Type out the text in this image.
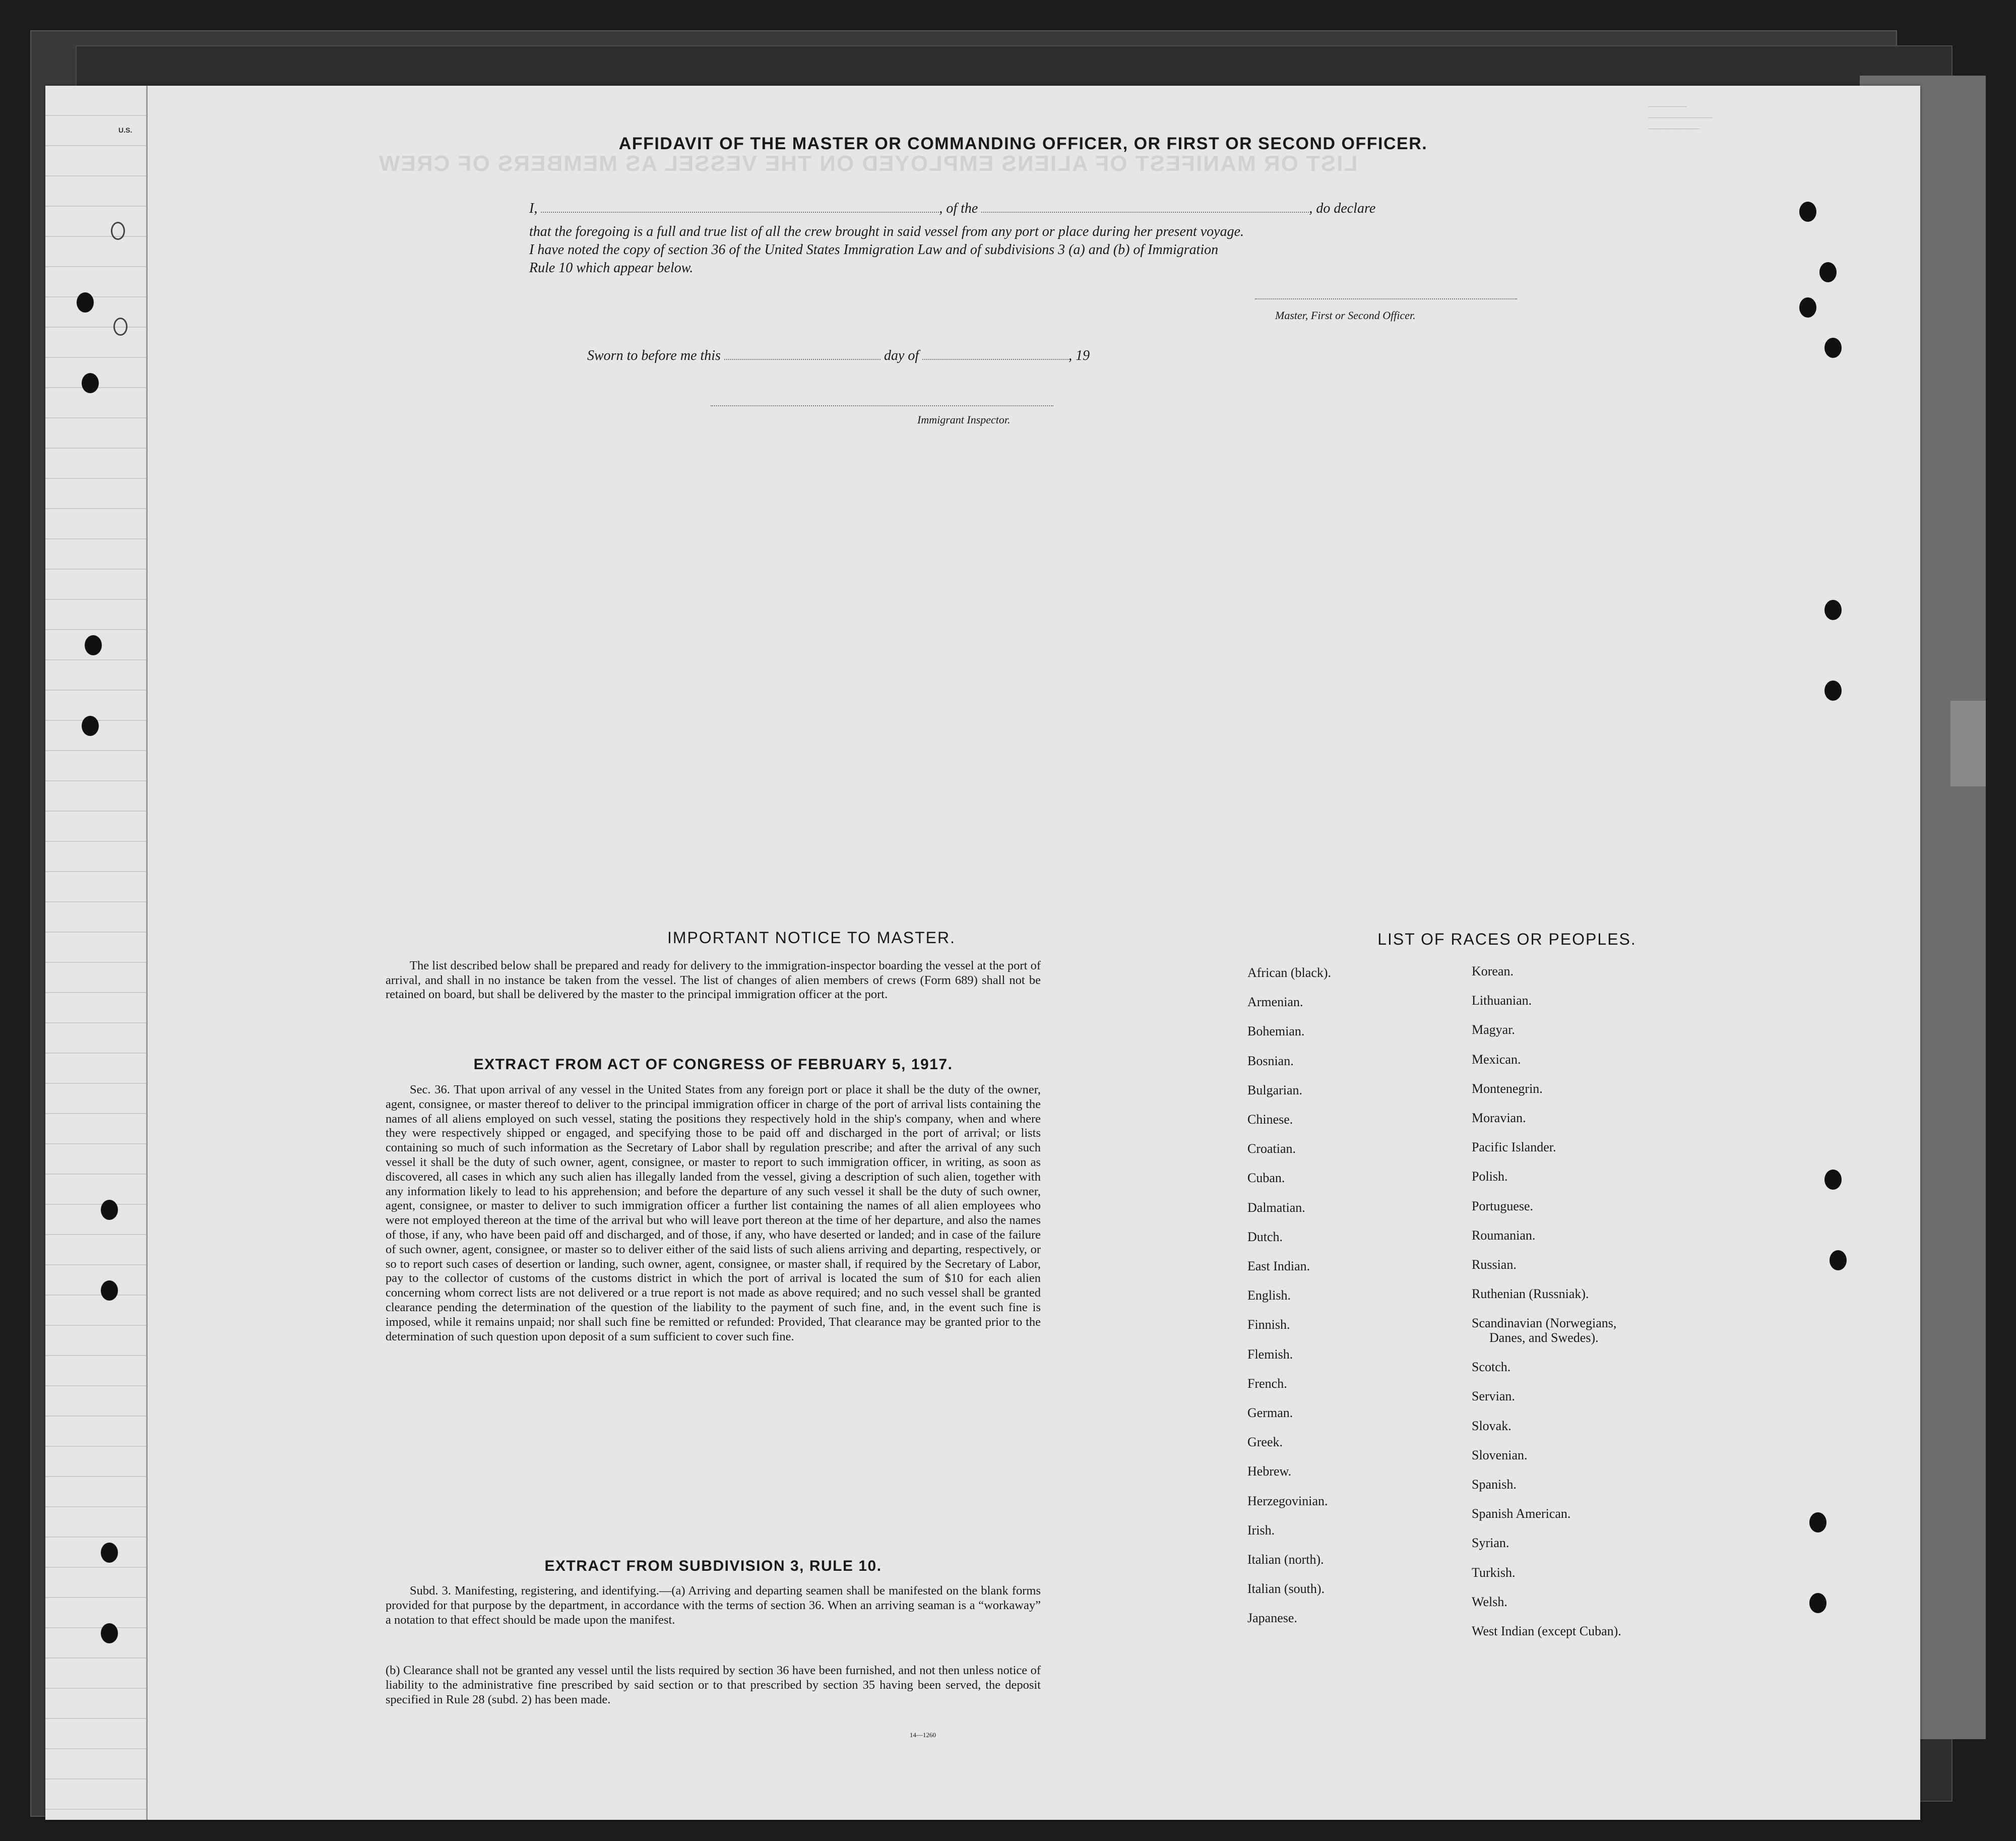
LIST OR MANIFEST OF ALIENS EMPLOYED ON THE VESSEL AS MEMBERS OF CREW
──────
──────────
────────
U.S.
AFFIDAVIT OF THE MASTER OR COMMANDING OFFICER, OR FIRST OR SECOND OFFICER.
I,	, of the	, do declare
that the foregoing is a full and true list of all the crew brought in said vessel from any port or place during her present voyage.
I have noted the copy of section 36 of the United States Immigration Law and of subdivisions 3 (a) and (b) of Immigration
Rule 10 which appear below.
Master, First or Second Officer.
Sworn to before me this	day of	, 19
Immigrant Inspector.
IMPORTANT NOTICE TO MASTER.
The list described below shall be prepared and ready for delivery to the immigration-inspector boarding the vessel at the port of arrival, and shall in no instance be taken from the vessel. The list of changes of alien members of crews (Form 689) shall not be retained on board, but shall be delivered by the master to the principal immigration officer at the port.
EXTRACT FROM ACT OF CONGRESS OF FEBRUARY 5, 1917.
Sec. 36. That upon arrival of any vessel in the United States from any foreign port or place it shall be the duty of the owner, agent, consignee, or master thereof to deliver to the principal immigration officer in charge of the port of arrival lists containing the names of all aliens employed on such vessel, stating the positions they respectively hold in the ship's company, when and where they were respectively shipped or engaged, and specifying those to be paid off and discharged in the port of arrival; or lists containing so much of such information as the Secretary of Labor shall by regulation prescribe; and after the arrival of any such vessel it shall be the duty of such owner, agent, consignee, or master to report to such immigration officer, in writing, as soon as discovered, all cases in which any such alien has illegally landed from the vessel, giving a description of such alien, together with any information likely to lead to his apprehension; and before the departure of any such vessel it shall be the duty of such owner, agent, consignee, or master to deliver to such immigration officer a further list containing the names of all alien employees who were not employed thereon at the time of the arrival but who will leave port thereon at the time of her departure, and also the names of those, if any, who have been paid off and discharged, and of those, if any, who have deserted or landed; and in case of the failure of such owner, agent, consignee, or master so to deliver either of the said lists of such aliens arriving and departing, respectively, or so to report such cases of desertion or landing, such owner, agent, consignee, or master shall, if required by the Secretary of Labor, pay to the collector of customs of the customs district in which the port of arrival is located the sum of $10 for each alien concerning whom correct lists are not delivered or a true report is not made as above required; and no such vessel shall be granted clearance pending the determination of the question of the liability to the payment of such fine, and, in the event such fine is imposed, while it remains unpaid; nor shall such fine be remitted or refunded: Provided, That clearance may be granted prior to the determination of such question upon deposit of a sum sufficient to cover such fine.
EXTRACT FROM SUBDIVISION 3, RULE 10.
Subd. 3. Manifesting, registering, and identifying.—(a) Arriving and departing seamen shall be manifested on the blank forms provided for that purpose by the department, in accordance with the terms of section 36. When an arriving seaman is a “workaway” a notation to that effect should be made upon the manifest.
(b) Clearance shall not be granted any vessel until the lists required by section 36 have been furnished, and not then unless notice of liability to the administrative fine prescribed by said section or to that prescribed by section 35 having been served, the deposit specified in Rule 28 (subd. 2) has been made.
14—1260
LIST OF RACES OR PEOPLES.
African (black).
Armenian.
Bohemian.
Bosnian.
Bulgarian.
Chinese.
Croatian.
Cuban.
Dalmatian.
Dutch.
East Indian.
English.
Finnish.
Flemish.
French.
German.
Greek.
Hebrew.
Herzegovinian.
Irish.
Italian (north).
Italian (south).
Japanese.
Korean.
Lithuanian.
Magyar.
Mexican.
Montenegrin.
Moravian.
Pacific Islander.
Polish.
Portuguese.
Roumanian.
Russian.
Ruthenian (Russniak).
Scandinavian (Norwegians,
Danes, and Swedes).
Scotch.
Servian.
Slovak.
Slovenian.
Spanish.
Spanish American.
Syrian.
Turkish.
Welsh.
West Indian (except Cuban).
